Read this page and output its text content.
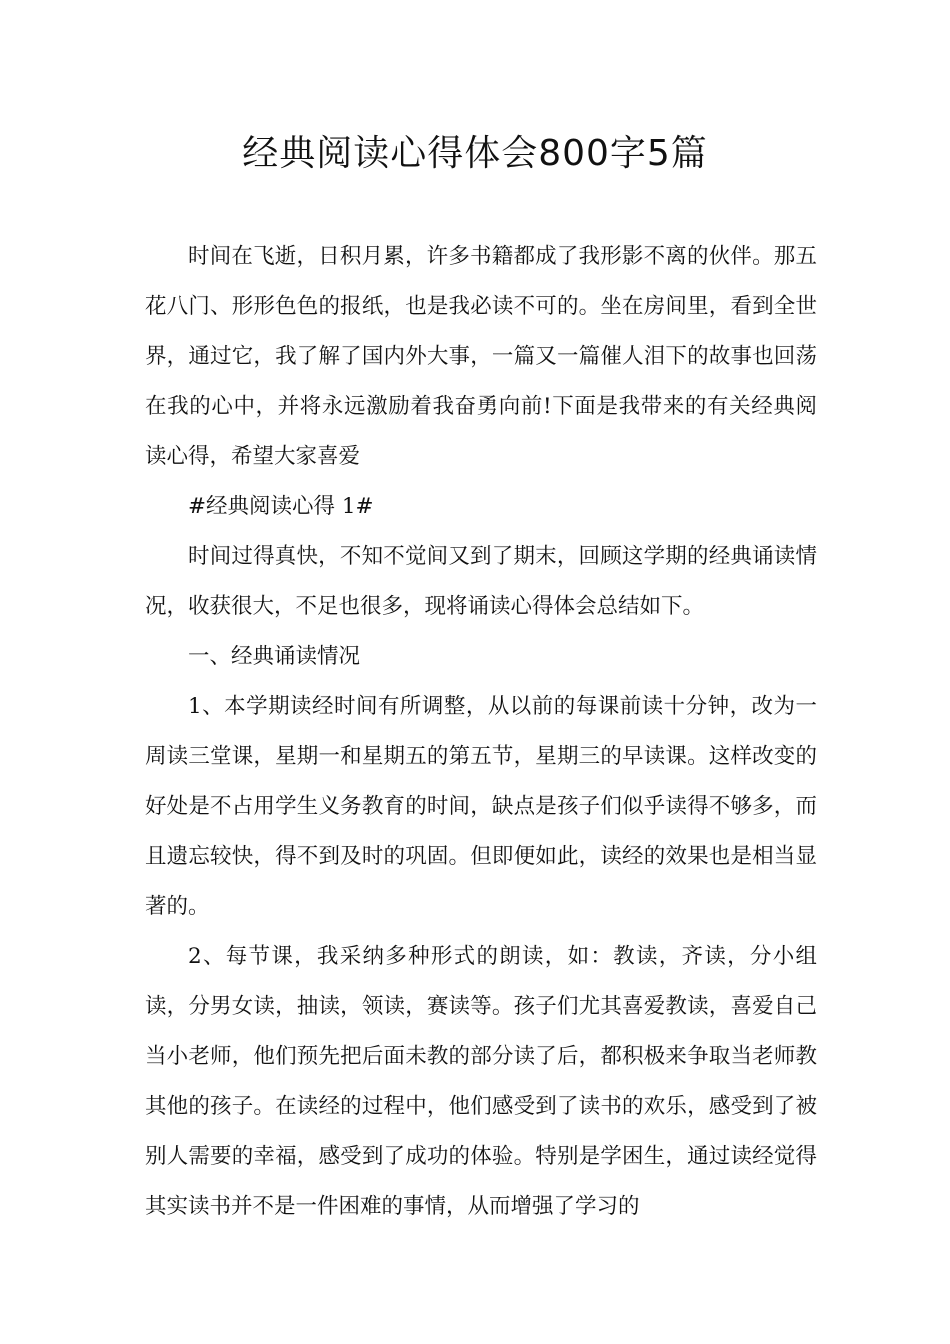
经典阅读心得体会800字5篇

时间在飞逝，日积月累，许多书籍都成了我形影不离的伙伴。那五花八门、形形色色的报纸，也是我必读不可的。坐在房间里，看到全世界，通过它，我了解了国内外大事，一篇又一篇催人泪下的故事也回荡在我的心中，并将永远激励着我奋勇向前!下面是我带来的有关经典阅读心得，希望大家喜爱

#经典阅读心得 1#

时间过得真快，不知不觉间又到了期末，回顾这学期的经典诵读情况，收获很大，不足也很多，现将诵读心得体会总结如下。

一、经典诵读情况

1、本学期读经时间有所调整，从以前的每课前读十分钟，改为一周读三堂课，星期一和星期五的第五节，星期三的早读课。这样改变的好处是不占用学生义务教育的时间，缺点是孩子们似乎读得不够多，而且遗忘较快，得不到及时的巩固。但即便如此，读经的效果也是相当显著的。

2、每节课，我采纳多种形式的朗读，如：教读，齐读，分小组读，分男女读，抽读，领读，赛读等。孩子们尤其喜爱教读，喜爱自己当小老师，他们预先把后面未教的部分读了后，都积极来争取当老师教其他的孩子。在读经的过程中，他们感受到了读书的欢乐，感受到了被别人需要的幸福，感受到了成功的体验。特别是学困生，通过读经觉得其实读书并不是一件困难的事情，从而增强了学习的
